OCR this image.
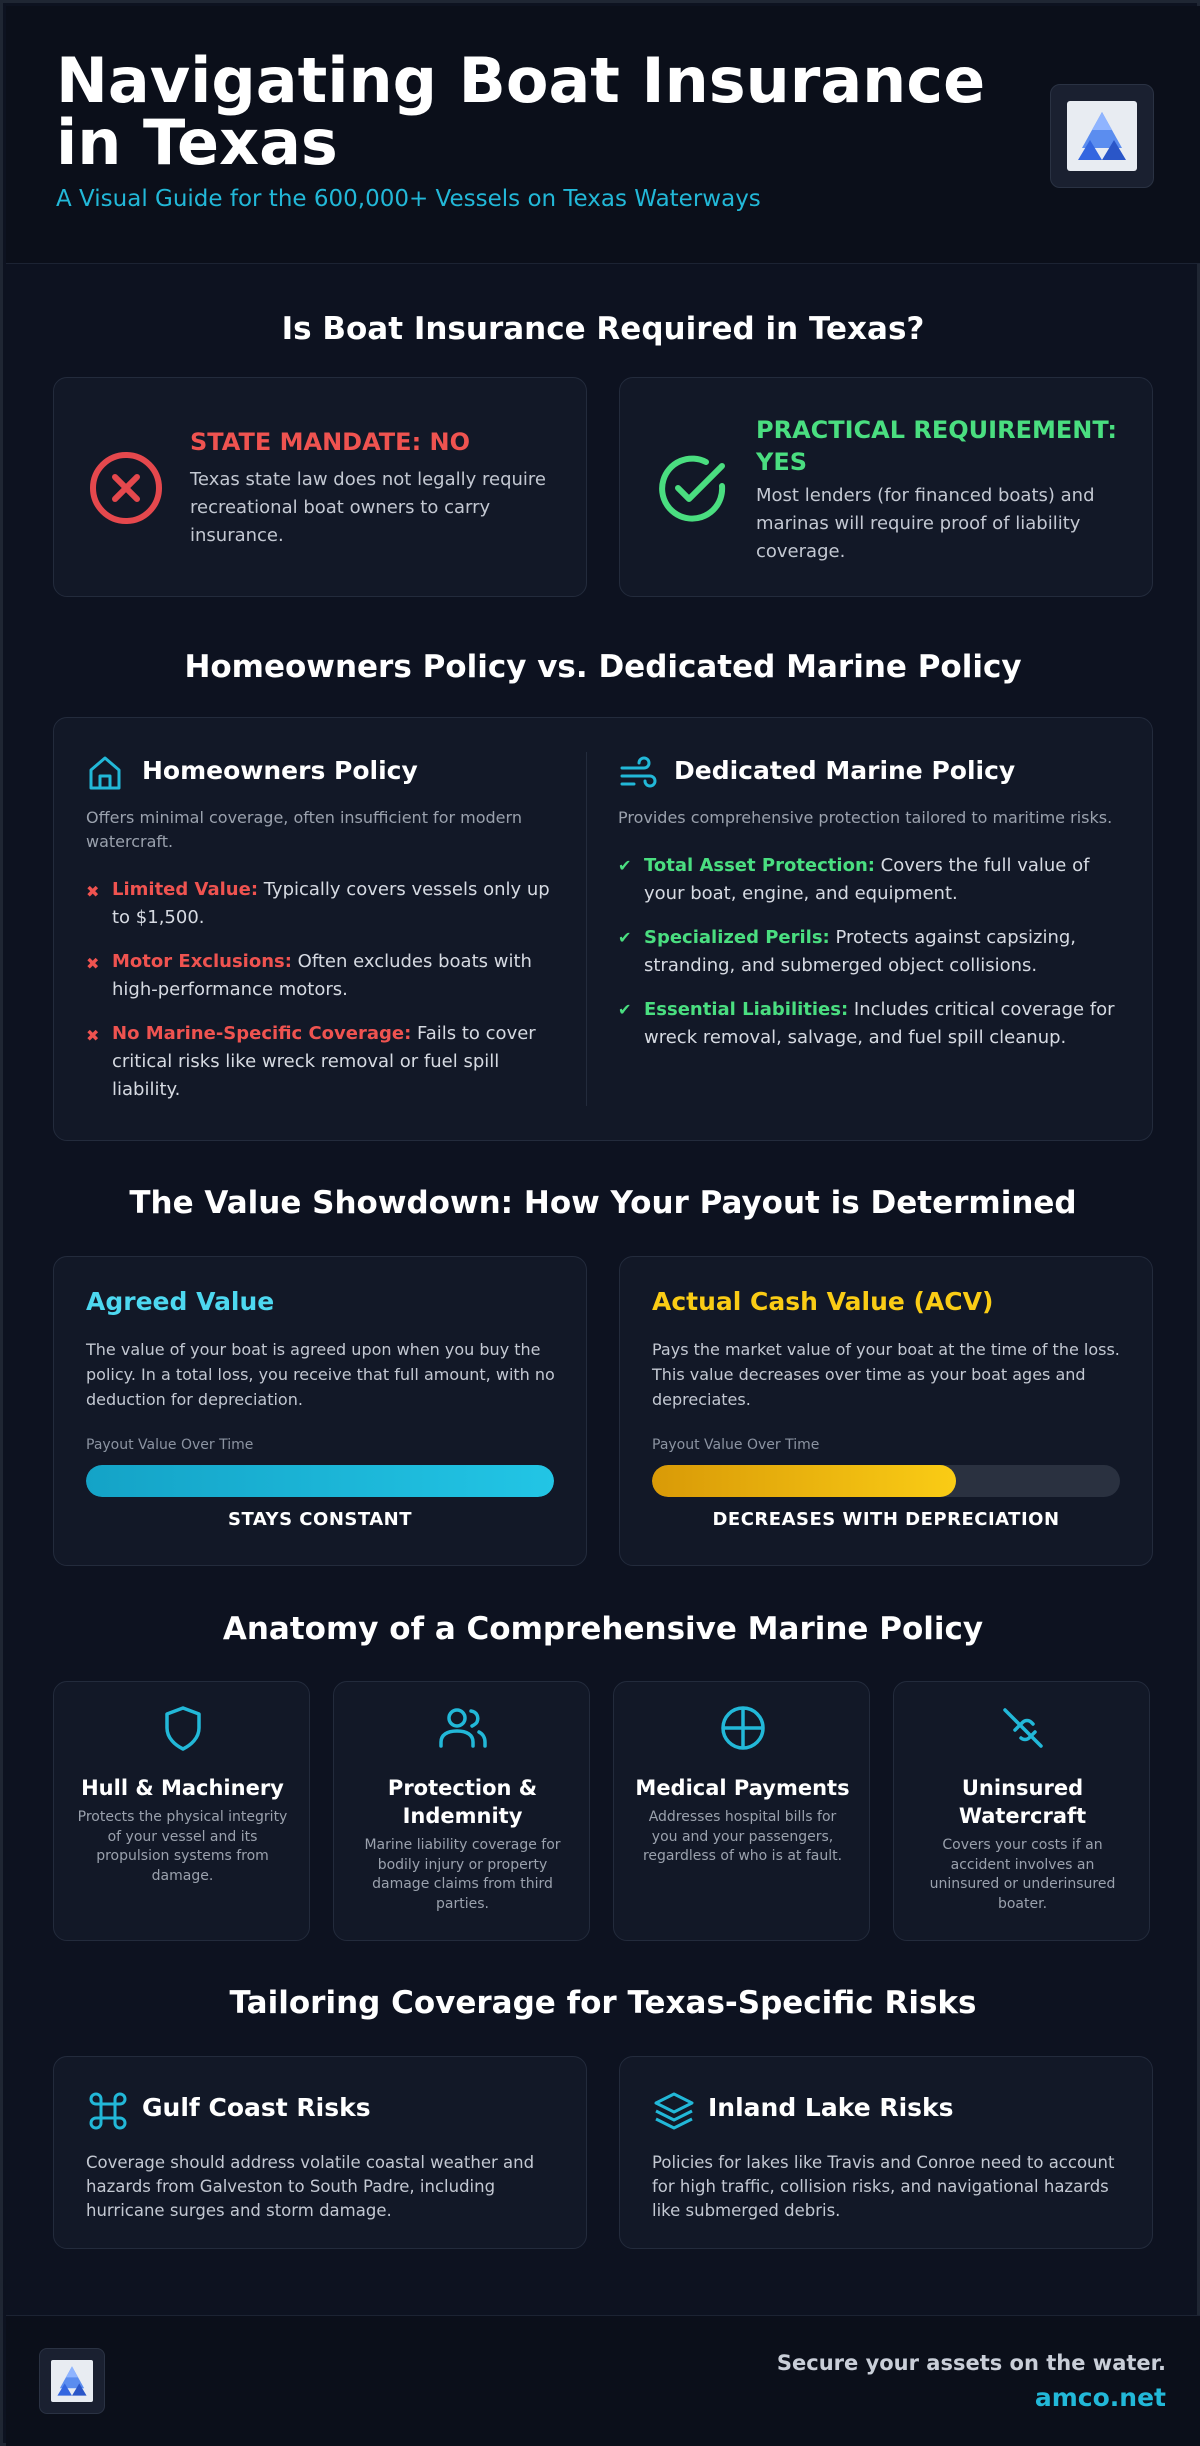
Navigating Boat Insurance in Texas
A Visual Guide for the 600,000+ Vessels on Texas Waterways
Is Boat Insurance Required in Texas?
STATE MANDATE: NO
Texas state law does not legally require recreational boat owners to carry insurance.
PRACTICAL REQUIREMENT: YES
Most lenders (for financed boats) and marinas will require proof of liability coverage.
Homeowners Policy vs. Dedicated Marine Policy
Homeowners Policy
Offers minimal coverage, often insufficient for modern watercraft.
✖ Limited Value: Typically covers vessels only up to $1,500.
✖ Motor Exclusions: Often excludes boats with high-performance motors.
✖ No Marine-Specific Coverage: Fails to cover critical risks like wreck removal or fuel spill liability.
Dedicated Marine Policy
Provides comprehensive protection tailored to maritime risks.
✔ Total Asset Protection: Covers the full value of your boat, engine, and equipment.
✔ Specialized Perils: Protects against capsizing, stranding, and submerged object collisions.
✔ Essential Liabilities: Includes critical coverage for wreck removal, salvage, and fuel spill cleanup.
The Value Showdown: How Your Payout is Determined
Agreed Value
The value of your boat is agreed upon when you buy the policy. In a total loss, you receive that full amount, with no deduction for depreciation.
Payout Value Over Time
STAYS CONSTANT
Actual Cash Value (ACV)
Pays the market value of your boat at the time of the loss. This value decreases over time as your boat ages and depreciates.
Payout Value Over Time
DECREASES WITH DEPRECIATION
Anatomy of a Comprehensive Marine Policy
Hull & Machinery
Protects the physical integrity of your vessel and its propulsion systems from damage.
Protection & Indemnity
Marine liability coverage for bodily injury or property damage claims from third parties.
Medical Payments
Addresses hospital bills for you and your passengers, regardless of who is at fault.
Uninsured Watercraft
Covers your costs if an accident involves an uninsured or underinsured boater.
Tailoring Coverage for Texas-Specific Risks
Gulf Coast Risks
Coverage should address volatile coastal weather and hazards from Galveston to South Padre, including hurricane surges and storm damage.
Inland Lake Risks
Policies for lakes like Travis and Conroe need to account for high traffic, collision risks, and navigational hazards like submerged debris.
Secure your assets on the water.
amco.net
